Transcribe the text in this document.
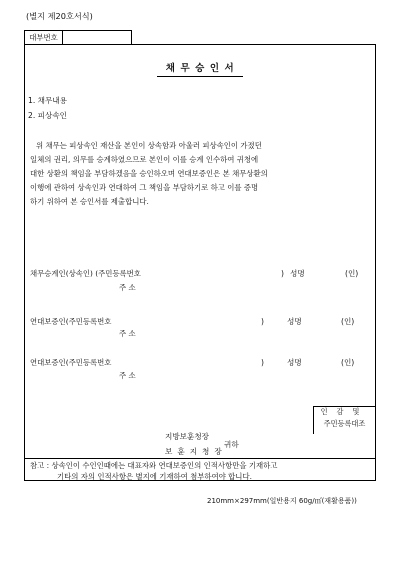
(별지 제20호서식)
대부번호
채무승인서
1. 채무내용
2. 피상속인

위 채무는 피상속인 재산을 본인이 상속함과 아울러 피상속인이 가졌던

일체의 권리, 의무를 승계하였으므로 본인이 이를 승계 인수하여 귀청에

대한 상환의 책임을 부담하겠음을 승인하오며 연대보증인은 본 채무상환의

이행에 관하여 상속인과 연대하여 그 책임을 부담하기로 하고 이를 증명

하기 위하여 본 승인서를 제출합니다.

채무승계인(상속인) (주민등록번호	) 성명	(인)
주 소
연대보증인(주민등록번호	)	성명	(인)
주 소
연대보증인(주민등록번호	)	성명	(인)
주 소
인감및
주민등록대조
지방보훈청장
보 훈 지 청 장
귀하
참고 : 상속인이 수인인때에는 대표자와 연대보증인의 인적사항만을 기재하고
기타의 자의 인적사항은 별지에 기재하여 첨부하여야 합니다.
210mm×297mm(일반용지 60g/㎡(재활용품))
